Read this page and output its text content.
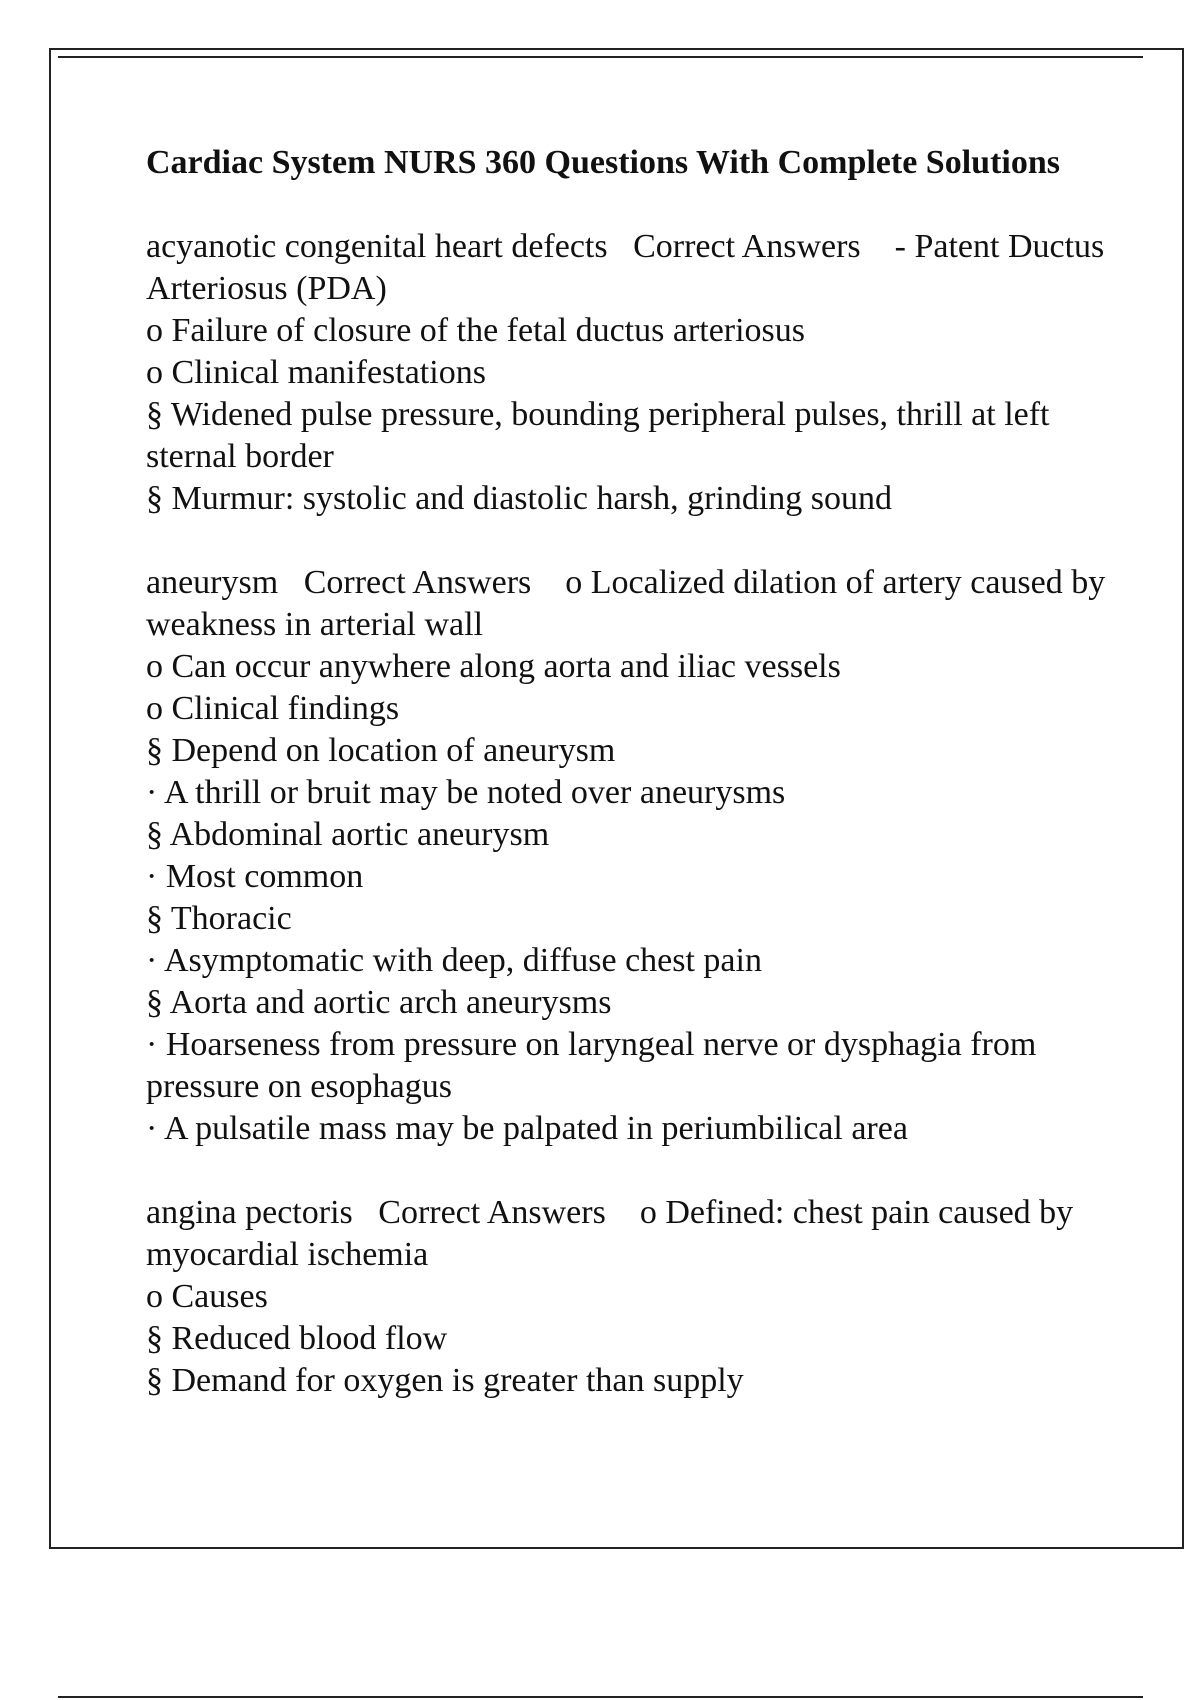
Cardiac System NURS 360 Questions With Complete Solutions
acyanotic congenital heart defects Correct Answers - Patent Ductus Arteriosus (PDA)
o Failure of closure of the fetal ductus arteriosus
o Clinical manifestations
§ Widened pulse pressure, bounding peripheral pulses, thrill at left sternal border
§ Murmur: systolic and diastolic harsh, grinding sound
aneurysm Correct Answers o Localized dilation of artery caused by weakness in arterial wall
o Can occur anywhere along aorta and iliac vessels
o Clinical findings
§ Depend on location of aneurysm
· A thrill or bruit may be noted over aneurysms
§ Abdominal aortic aneurysm
· Most common
§ Thoracic
· Asymptomatic with deep, diffuse chest pain
§ Aorta and aortic arch aneurysms
· Hoarseness from pressure on laryngeal nerve or dysphagia from pressure on esophagus
· A pulsatile mass may be palpated in periumbilical area
angina pectoris Correct Answers o Defined: chest pain caused by myocardial ischemia
o Causes
§ Reduced blood flow
§ Demand for oxygen is greater than supply
